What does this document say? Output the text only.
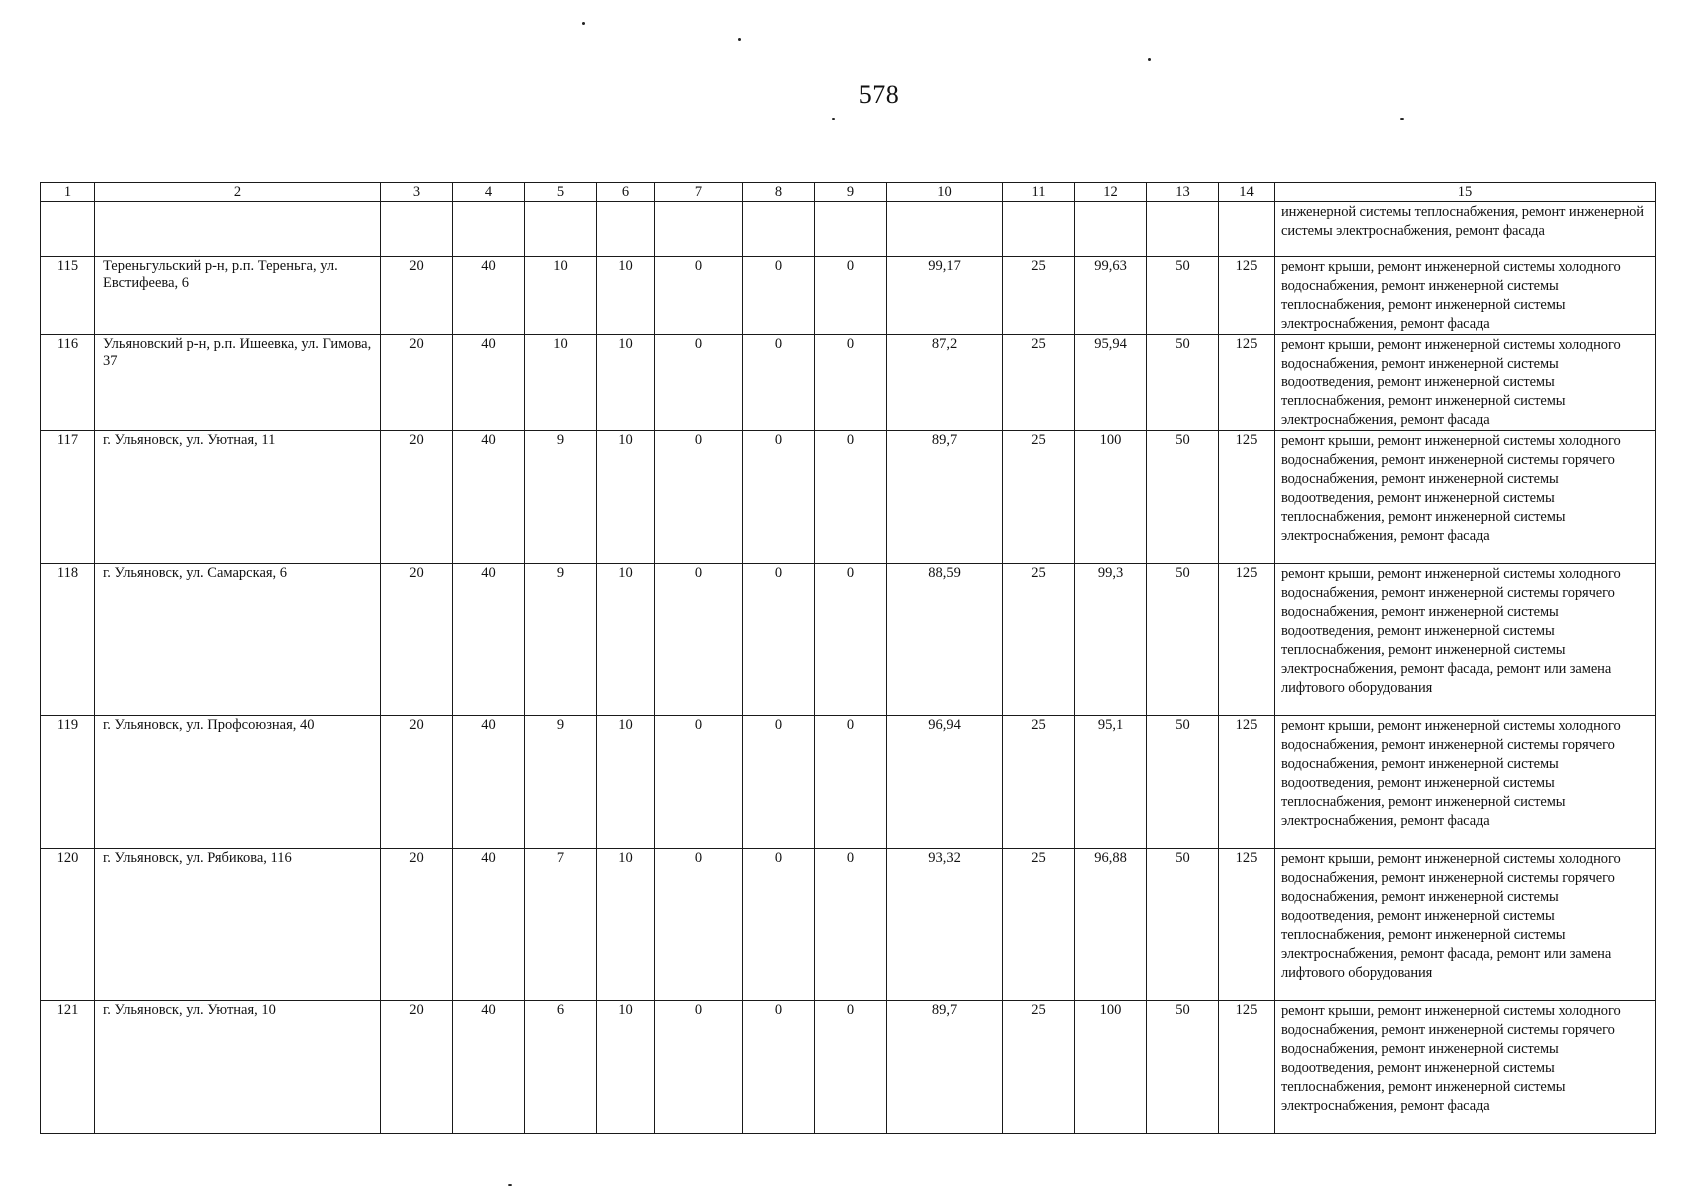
578
1	2	3	4	5	6	7	8	9	10	11	12	13	14	15
														инженерной системы теплоснабжения, ремонт инженерной системы электроснабжения, ремонт фасада
115	Тереньгульский р-н, р.п. Тереньга, ул. Евстифеева, 6	20	40	10	10	0	0	0	99,17	25	99,63	50	125	ремонт крыши, ремонт инженерной системы холодного водоснабжения, ремонт инженерной системы теплоснабжения, ремонт инженерной системы электроснабжения, ремонт фасада
116	Ульяновский р-н, р.п. Ишеевка, ул. Гимова, 37	20	40	10	10	0	0	0	87,2	25	95,94	50	125	ремонт крыши, ремонт инженерной системы холодного водоснабжения, ремонт инженерной системы водоотведения, ремонт инженерной системы теплоснабжения, ремонт инженерной системы электроснабжения, ремонт фасада
117	г. Ульяновск, ул. Уютная, 11	20	40	9	10	0	0	0	89,7	25	100	50	125	ремонт крыши, ремонт инженерной системы холодного водоснабжения, ремонт инженерной системы горячего водоснабжения, ремонт инженерной системы водоотведения, ремонт инженерной системы теплоснабжения, ремонт инженерной системы электроснабжения, ремонт фасада
118	г. Ульяновск, ул. Самарская, 6	20	40	9	10	0	0	0	88,59	25	99,3	50	125	ремонт крыши, ремонт инженерной системы холодного водоснабжения, ремонт инженерной системы горячего водоснабжения, ремонт инженерной системы водоотведения, ремонт инженерной системы теплоснабжения, ремонт инженерной системы электроснабжения, ремонт фасада, ремонт или замена лифтового оборудования
119	г. Ульяновск, ул. Профсоюзная, 40	20	40	9	10	0	0	0	96,94	25	95,1	50	125	ремонт крыши, ремонт инженерной системы холодного водоснабжения, ремонт инженерной системы горячего водоснабжения, ремонт инженерной системы водоотведения, ремонт инженерной системы теплоснабжения, ремонт инженерной системы электроснабжения, ремонт фасада
120	г. Ульяновск, ул. Рябикова, 116	20	40	7	10	0	0	0	93,32	25	96,88	50	125	ремонт крыши, ремонт инженерной системы холодного водоснабжения, ремонт инженерной системы горячего водоснабжения, ремонт инженерной системы водоотведения, ремонт инженерной системы теплоснабжения, ремонт инженерной системы электроснабжения, ремонт фасада, ремонт или замена лифтового оборудования
121	г. Ульяновск, ул. Уютная, 10	20	40	6	10	0	0	0	89,7	25	100	50	125	ремонт крыши, ремонт инженерной системы холодного водоснабжения, ремонт инженерной системы горячего водоснабжения, ремонт инженерной системы водоотведения, ремонт инженерной системы теплоснабжения, ремонт инженерной системы электроснабжения, ремонт фасада
